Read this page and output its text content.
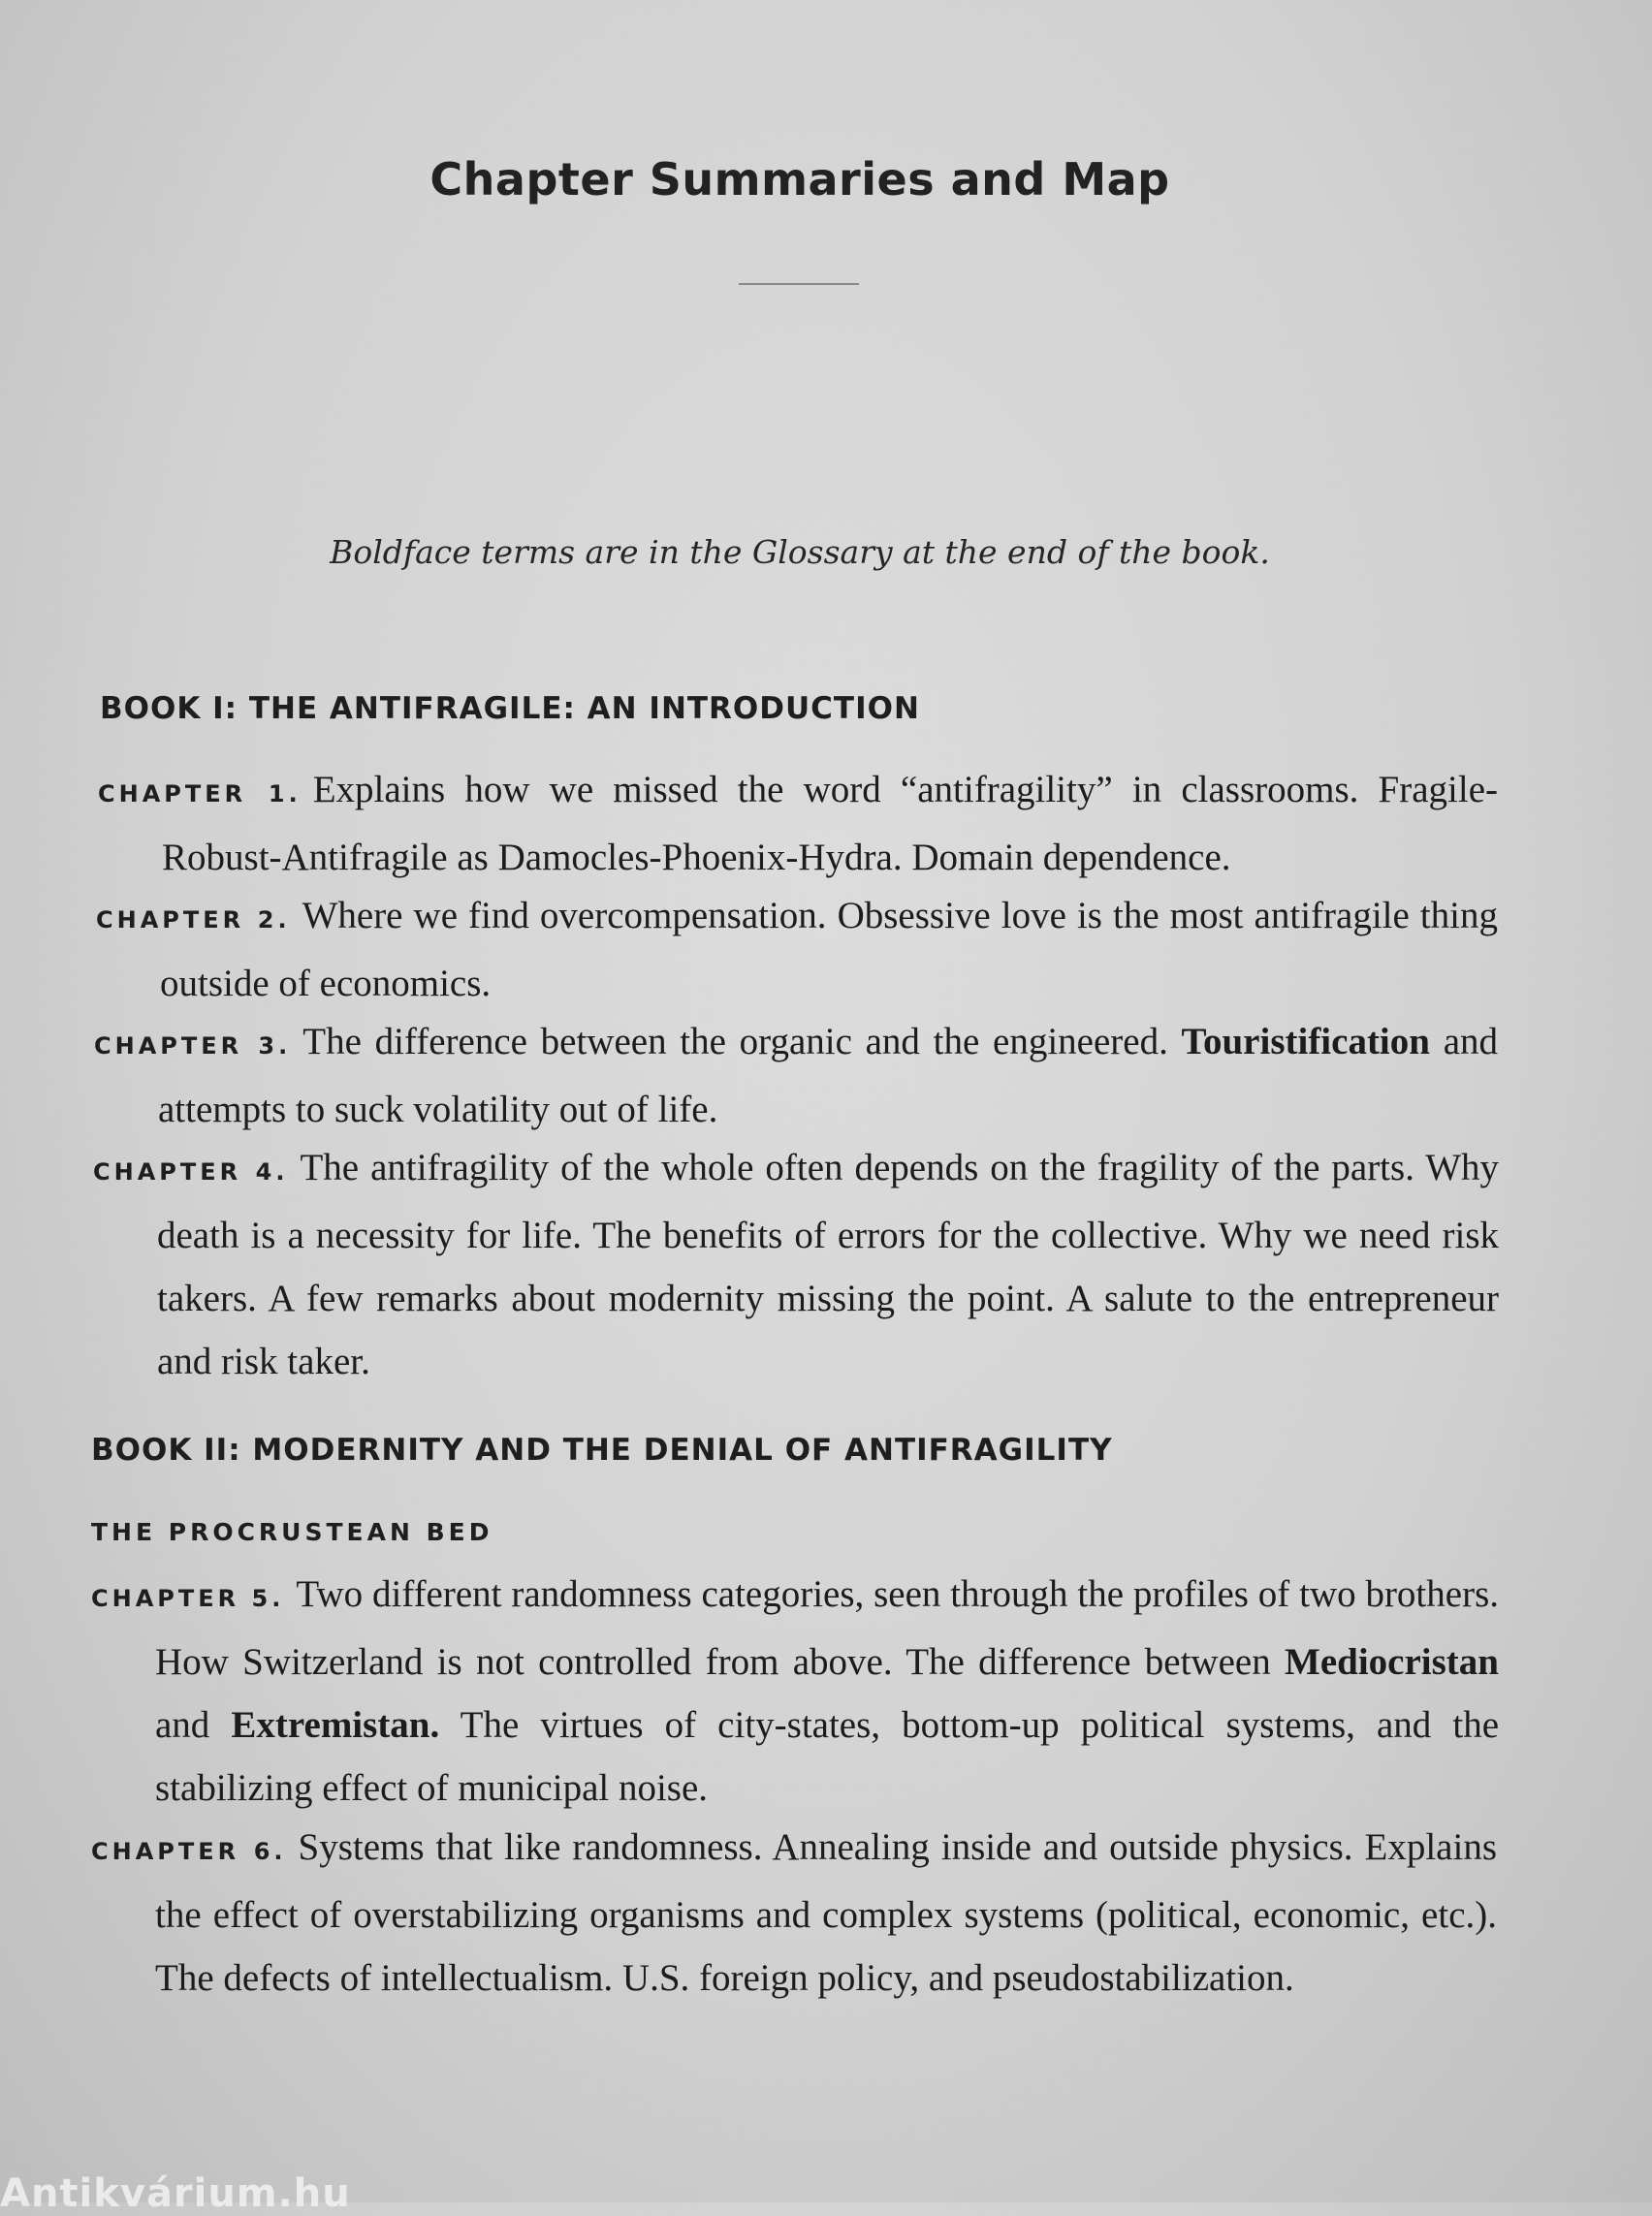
Chapter Summaries and Map
Boldface terms are in the Glossary at the end of the book.
BOOK I: THE ANTIFRAGILE: AN INTRODUCTION
CHAPTER 1. Explains how we missed the word “antifragility” in classrooms. Fragile-Robust-Antifragile as Damocles-Phoenix-Hydra. Domain dependence.
CHAPTER 2. Where we find overcompensation. Obsessive love is the most antifragile thing outside of economics.
CHAPTER 3. The difference between the organic and the engineered. Touristification and attempts to suck volatility out of life.
CHAPTER 4. The antifragility of the whole often depends on the fragility of the parts. Why death is a necessity for life. The benefits of errors for the collective. Why we need risk takers. A few remarks about modernity missing the point. A salute to the entrepreneur and risk taker.
BOOK II: MODERNITY AND THE DENIAL OF ANTIFRAGILITY
THE PROCRUSTEAN BED
CHAPTER 5. Two different randomness categories, seen through the profiles of two brothers. How Switzerland is not controlled from above. The difference between Mediocristan and Extremistan. The virtues of city-states, bottom-up political systems, and the stabilizing effect of municipal noise.
CHAPTER 6. Systems that like randomness. Annealing inside and outside physics. Explains the effect of overstabilizing organisms and complex systems (political, economic, etc.). The defects of intellectualism. U.S. foreign policy, and pseudostabilization.
Antikvárium.hu
